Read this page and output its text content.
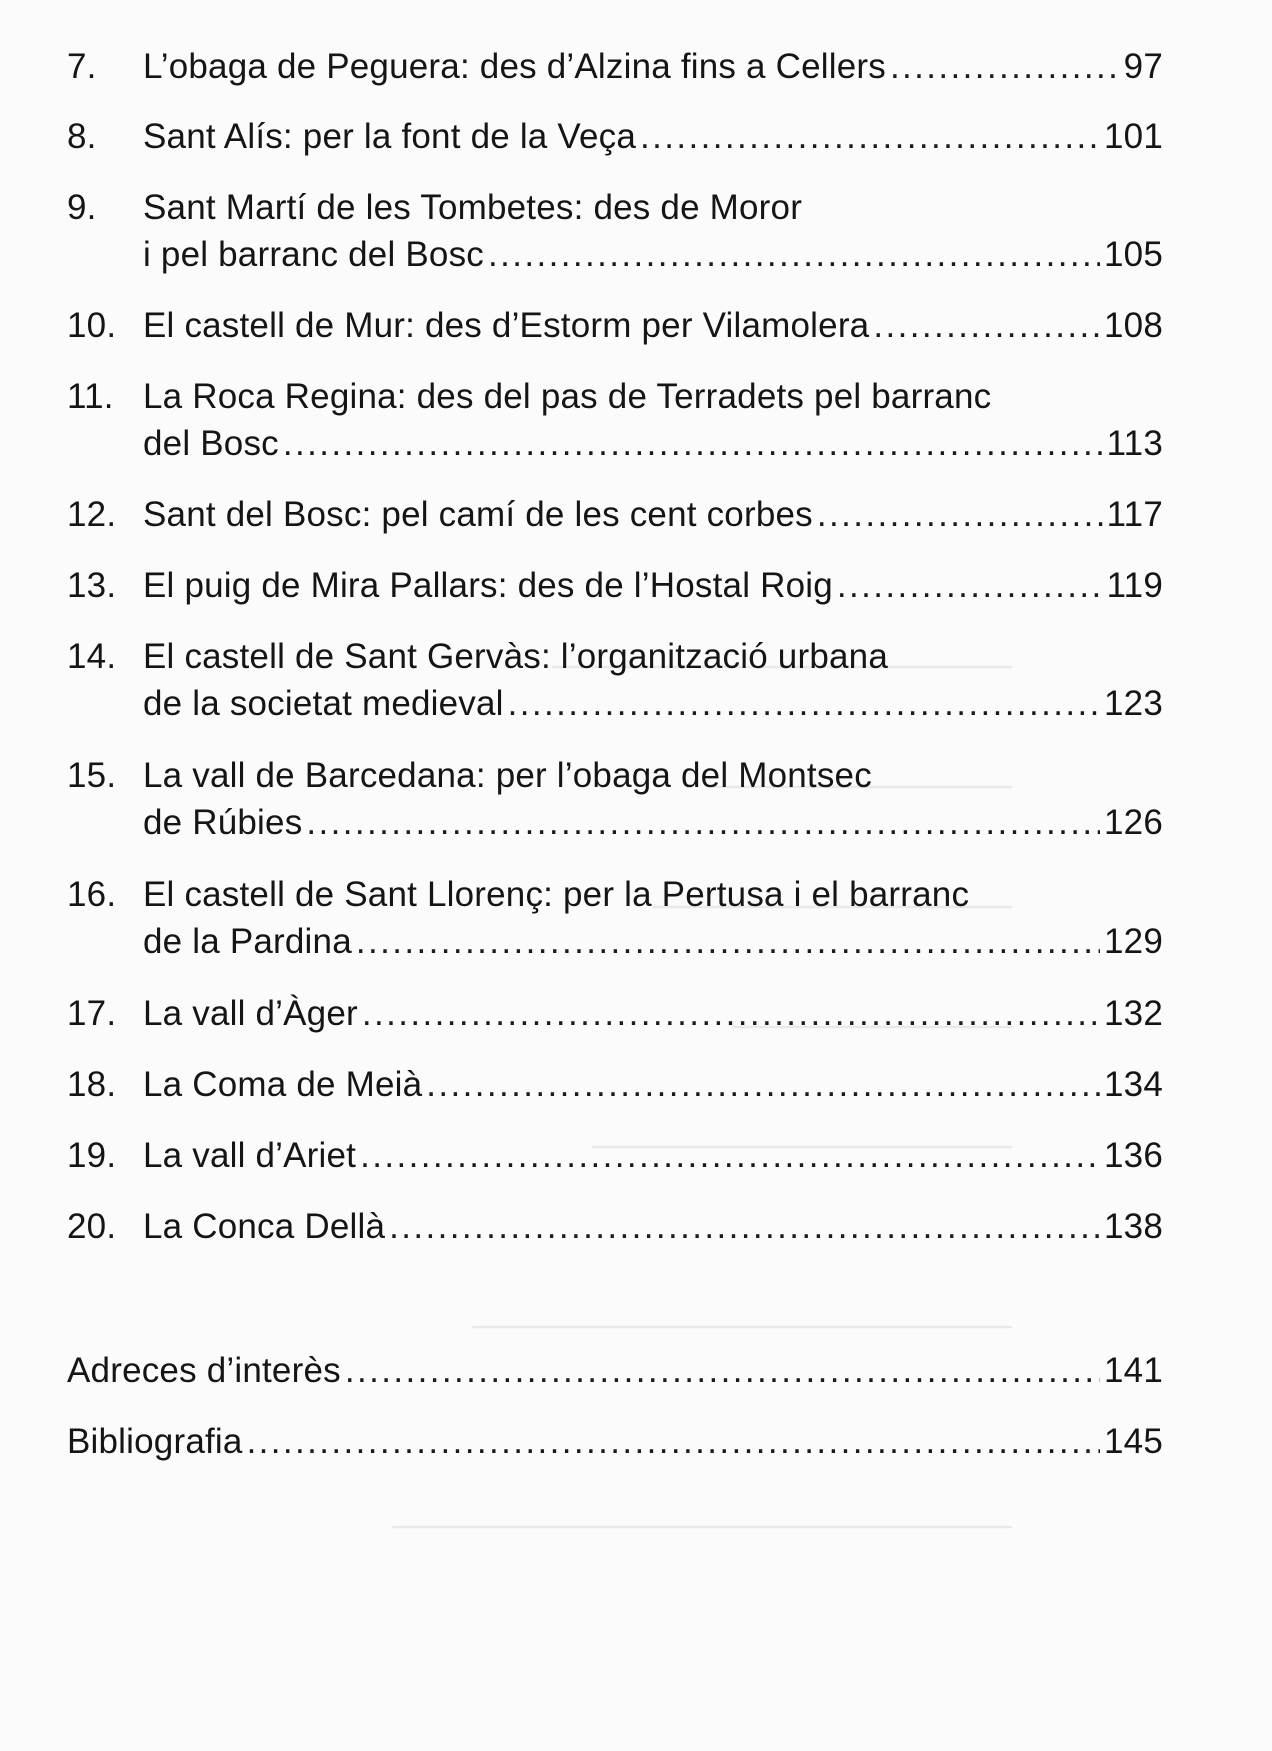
7. L’obaga de Peguera: des d’Alzina fins a Cellers .....	97
8. Sant Alís: per la font de la Veça .....	101
9. Sant Martí de les Tombetes: des de Moror
i pel barranc del Bosc .....	105
10. El castell de Mur: des d’Estorm per Vilamolera .....	108
11. La Roca Regina: des del pas de Terradets pel barranc
del Bosc .....	113
12. Sant del Bosc: pel camí de les cent corbes .....	117
13. El puig de Mira Pallars: des de l’Hostal Roig .....	119
14. El castell de Sant Gervàs: l’organització urbana
de la societat medieval .....	123
15. La vall de Barcedana: per l’obaga del Montsec
de Rúbies .....	126
16. El castell de Sant Llorenç: per la Pertusa i el barranc
de la Pardina .....	129
17. La vall d’Àger .....	132
18. La Coma de Meià .....	134
19. La vall d’Ariet .....	136
20. La Conca Dellà .....	138
Adreces d’interès .....	141
Bibliografia .....	145
